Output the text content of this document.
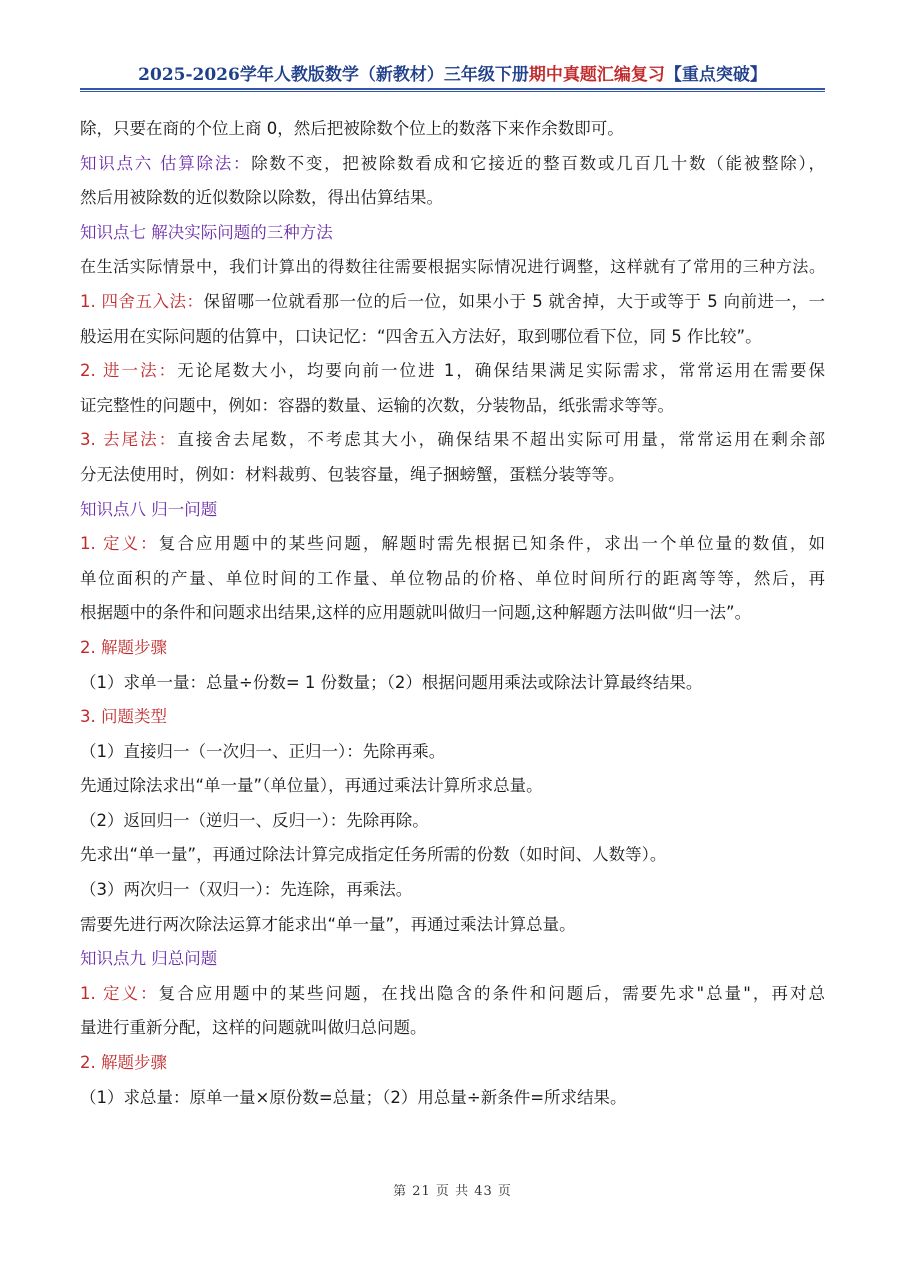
2025-2026学年人教版数学（新教材）三年级下册期中真题汇编复习【重点突破】
除，只要在商的个位上商 0，然后把被除数个位上的数落下来作余数即可。
知识点六 估算除法：除数不变，把被除数看成和它接近的整百数或几百几十数（能被整除），
然后用被除数的近似数除以除数，得出估算结果。
知识点七 解决实际问题的三种方法
在生活实际情景中，我们计算出的得数往往需要根据实际情况进行调整，这样就有了常用的三种方法。
1. 四舍五入法：保留哪一位就看那一位的后一位，如果小于 5 就舍掉，大于或等于 5 向前进一，一
般运用在实际问题的估算中，口诀记忆：“四舍五入方法好，取到哪位看下位，同 5 作比较”。
2. 进一法：无论尾数大小，均要向前一位进 1，确保结果满足实际需求，常常运用在需要保
证完整性的问题中，例如：容器的数量、运输的次数，分装物品，纸张需求等等。
3. 去尾法：直接舍去尾数，不考虑其大小，确保结果不超出实际可用量，常常运用在剩余部
分无法使用时，例如：材料裁剪、包装容量，绳子捆螃蟹，蛋糕分装等等。
知识点八 归一问题
1. 定义：复合应用题中的某些问题，解题时需先根据已知条件，求出一个单位量的数值，如
单位面积的产量、单位时间的工作量、单位物品的价格、单位时间所行的距离等等，然后，再
根据题中的条件和问题求出结果,这样的应用题就叫做归一问题,这种解题方法叫做“归一法”。
2. 解题步骤
（1）求单一量：总量÷份数= 1 份数量；（2）根据问题用乘法或除法计算最终结果。
3. 问题类型
（1）直接归一（一次归一、正归一）：先除再乘。
先通过除法求出“单一量”（单位量），再通过乘法计算所求总量。
（2）返回归一（逆归一、反归一）：先除再除。
先求出“单一量”，再通过除法计算完成指定任务所需的份数（如时间、人数等）。
（3）两次归一（双归一）：先连除，再乘法。
需要先进行两次除法运算才能求出“单一量”，再通过乘法计算总量。
知识点九 归总问题
1. 定义：复合应用题中的某些问题，在找出隐含的条件和问题后，需要先求"总量"，再对总
量进行重新分配，这样的问题就叫做归总问题。
2. 解题步骤
（1）求总量：原单一量×原份数=总量；（2）用总量÷新条件=所求结果。
第 21 页 共 43 页
